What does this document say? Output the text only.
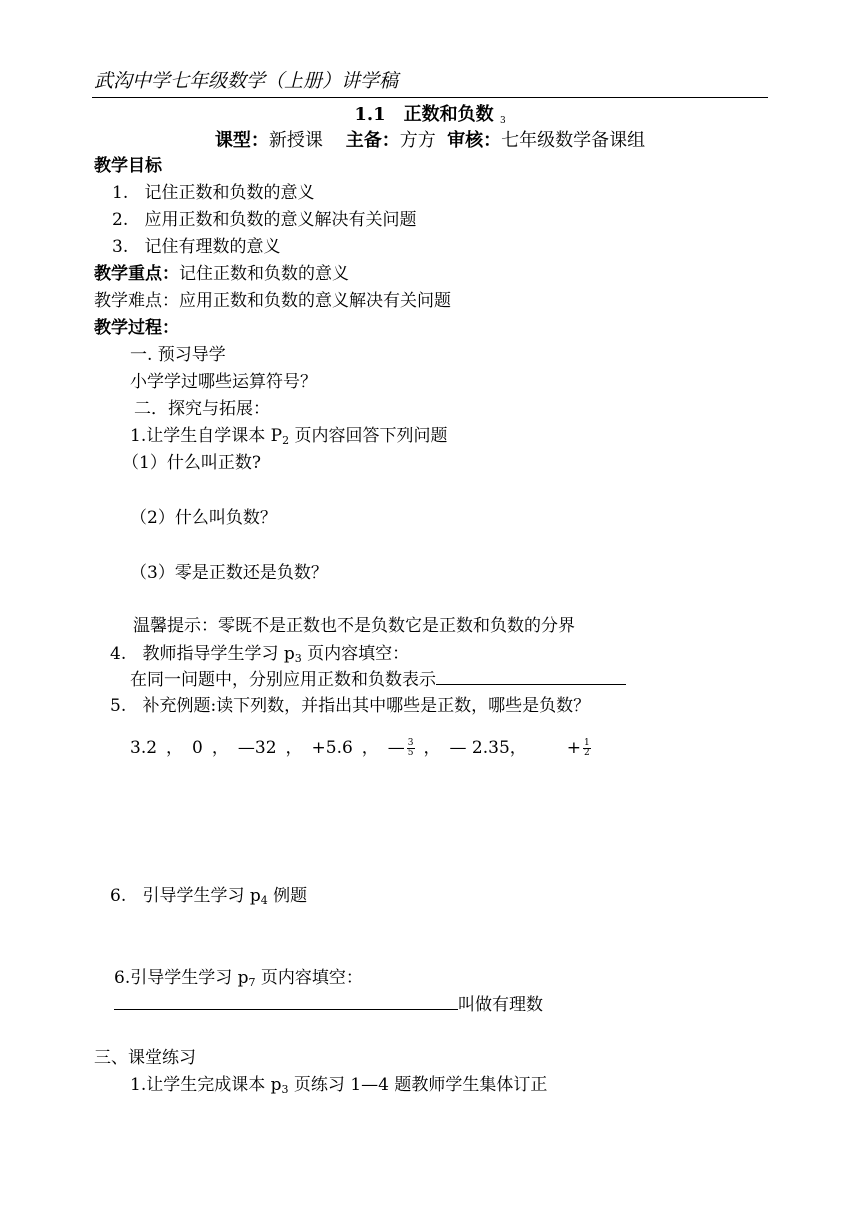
武沟中学七年级数学（上册）讲学稿
1.1　正数和负数 $_3$
课型：新授课 主备：方方 审核：七年级数学备课组
教学目标
1. 记住正数和负数的意义
2. 应用正数和负数的意义解决有关问题
3. 记住有理数的意义
教学重点：记住正数和负数的意义
教学难点：应用正数和负数的意义解决有关问题
教学过程：
一. 预习导学
小学学过哪些运算符号？
二．探究与拓展：
1.让学生自学课本 $P_2$ 页内容回答下列问题
（1）什么叫正数?
（2）什么叫负数？
（3）零是正数还是负数？
温馨提示：零既不是正数也不是负数它是正数和负数的分界
4. 教师指导学生学习 $p_3$ 页内容填空：
在同一问题中，分别应用正数和负数表示
5. 补充例题:读下列数，并指出其中哪些是正数，哪些是负数？
3.2 ， 0 ， —32 ， +5.6 ， — $\frac{3}{5}$ ， — 2.35， + $\frac{1}{2}$
6. 引导学生学习 $p_4$ 例题
6.引导学生学习 $p_7$ 页内容填空：
叫做有理数
三、课堂练习
1.让学生完成课本 $p_3$ 页练习 1—4 题教师学生集体订正
